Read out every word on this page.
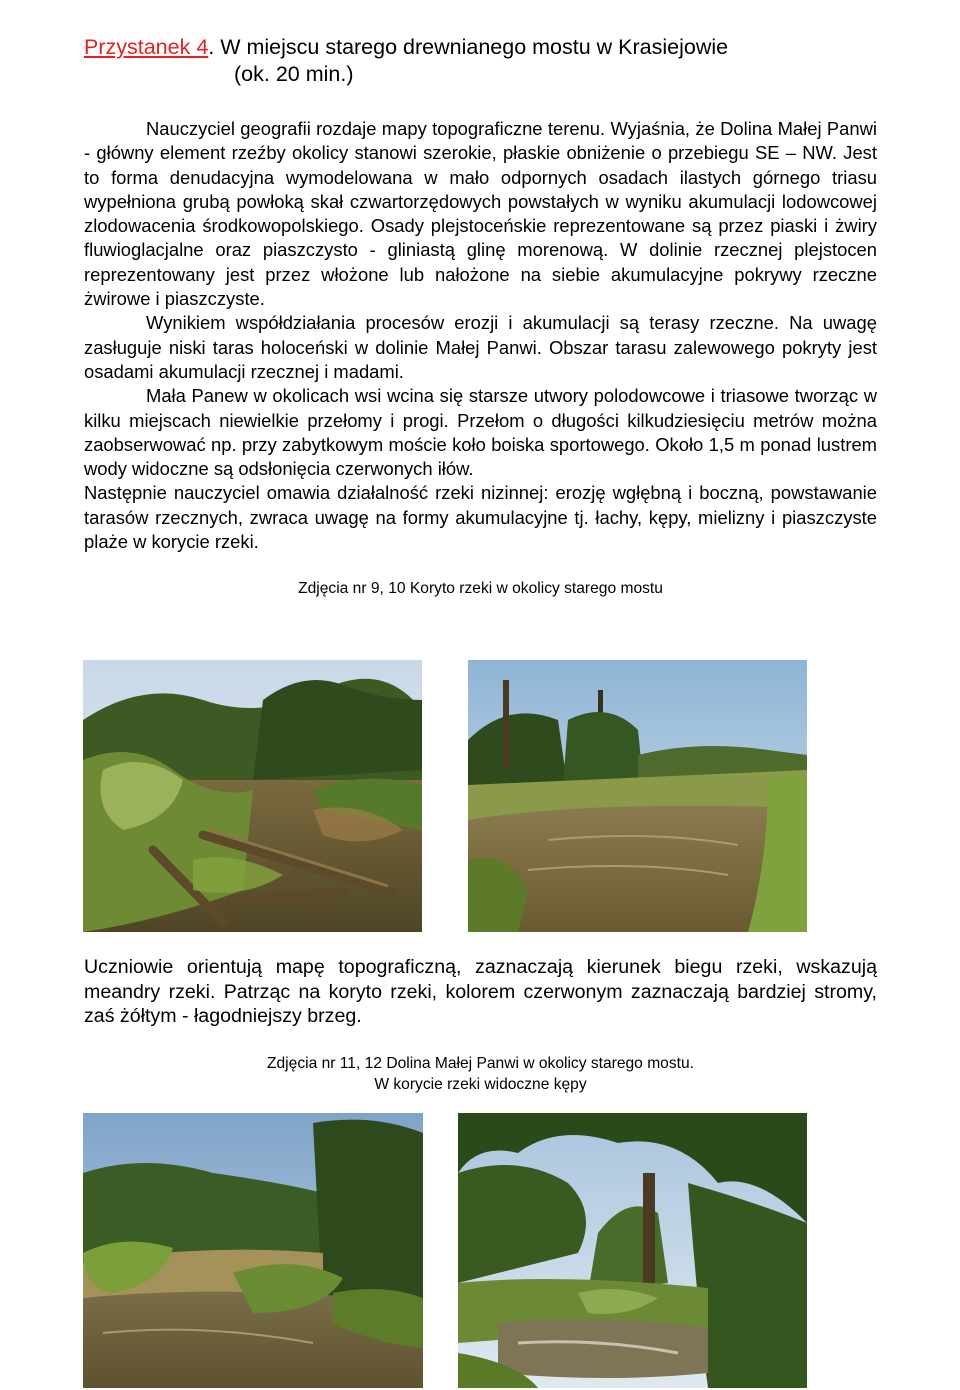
Przystanek 4. W miejscu starego drewnianego mostu w Krasiejowie
(ok. 20 min.)

Nauczyciel geografii rozdaje mapy topograficzne terenu. Wyjaśnia, że Dolina Małej Panwi - główny element rzeźby okolicy stanowi szerokie, płaskie obniżenie o przebiegu SE – NW. Jest to forma denudacyjna wymodelowana w mało odpornych osadach ilastych górnego triasu wypełniona grubą powłoką skał czwartorzędowych powstałych w wyniku akumulacji lodowcowej zlodowacenia środkowopolskiego. Osady plejstoceńskie reprezentowane są przez piaski i żwiry fluwioglacjalne oraz piaszczysto - gliniastą glinę morenową. W dolinie rzecznej plejstocen reprezentowany jest przez włożone lub nałożone na siebie akumulacyjne pokrywy rzeczne żwirowe i piaszczyste.

Wynikiem współdziałania procesów erozji i akumulacji są terasy rzeczne. Na uwagę zasługuje niski taras holoceński w dolinie Małej Panwi. Obszar tarasu zalewowego pokryty jest osadami akumulacji rzecznej i madami.

Mała Panew w okolicach wsi wcina się starsze utwory polodowcowe i triasowe tworząc w kilku miejscach niewielkie przełomy i progi. Przełom o długości kilkudziesięciu metrów można zaobserwować np. przy zabytkowym moście koło boiska sportowego. Około 1,5 m ponad lustrem wody widoczne są odsłonięcia czerwonych iłów.

Następnie nauczyciel omawia działalność rzeki nizinnej: erozję wgłębną i boczną, powstawanie tarasów rzecznych, zwraca uwagę na formy akumulacyjne tj. łachy, kępy, mielizny i piaszczyste plaże w korycie rzeki.

Zdjęcia nr 9, 10 Koryto rzeki w okolicy starego mostu

Uczniowie orientują mapę topograficzną, zaznaczają kierunek biegu rzeki, wskazują meandry rzeki. Patrząc na koryto rzeki, kolorem czerwonym zaznaczają bardziej stromy, zaś żółtym - łagodniejszy brzeg.

Zdjęcia nr 11, 12 Dolina Małej Panwi w okolicy starego mostu.
W korycie rzeki widoczne kępy
